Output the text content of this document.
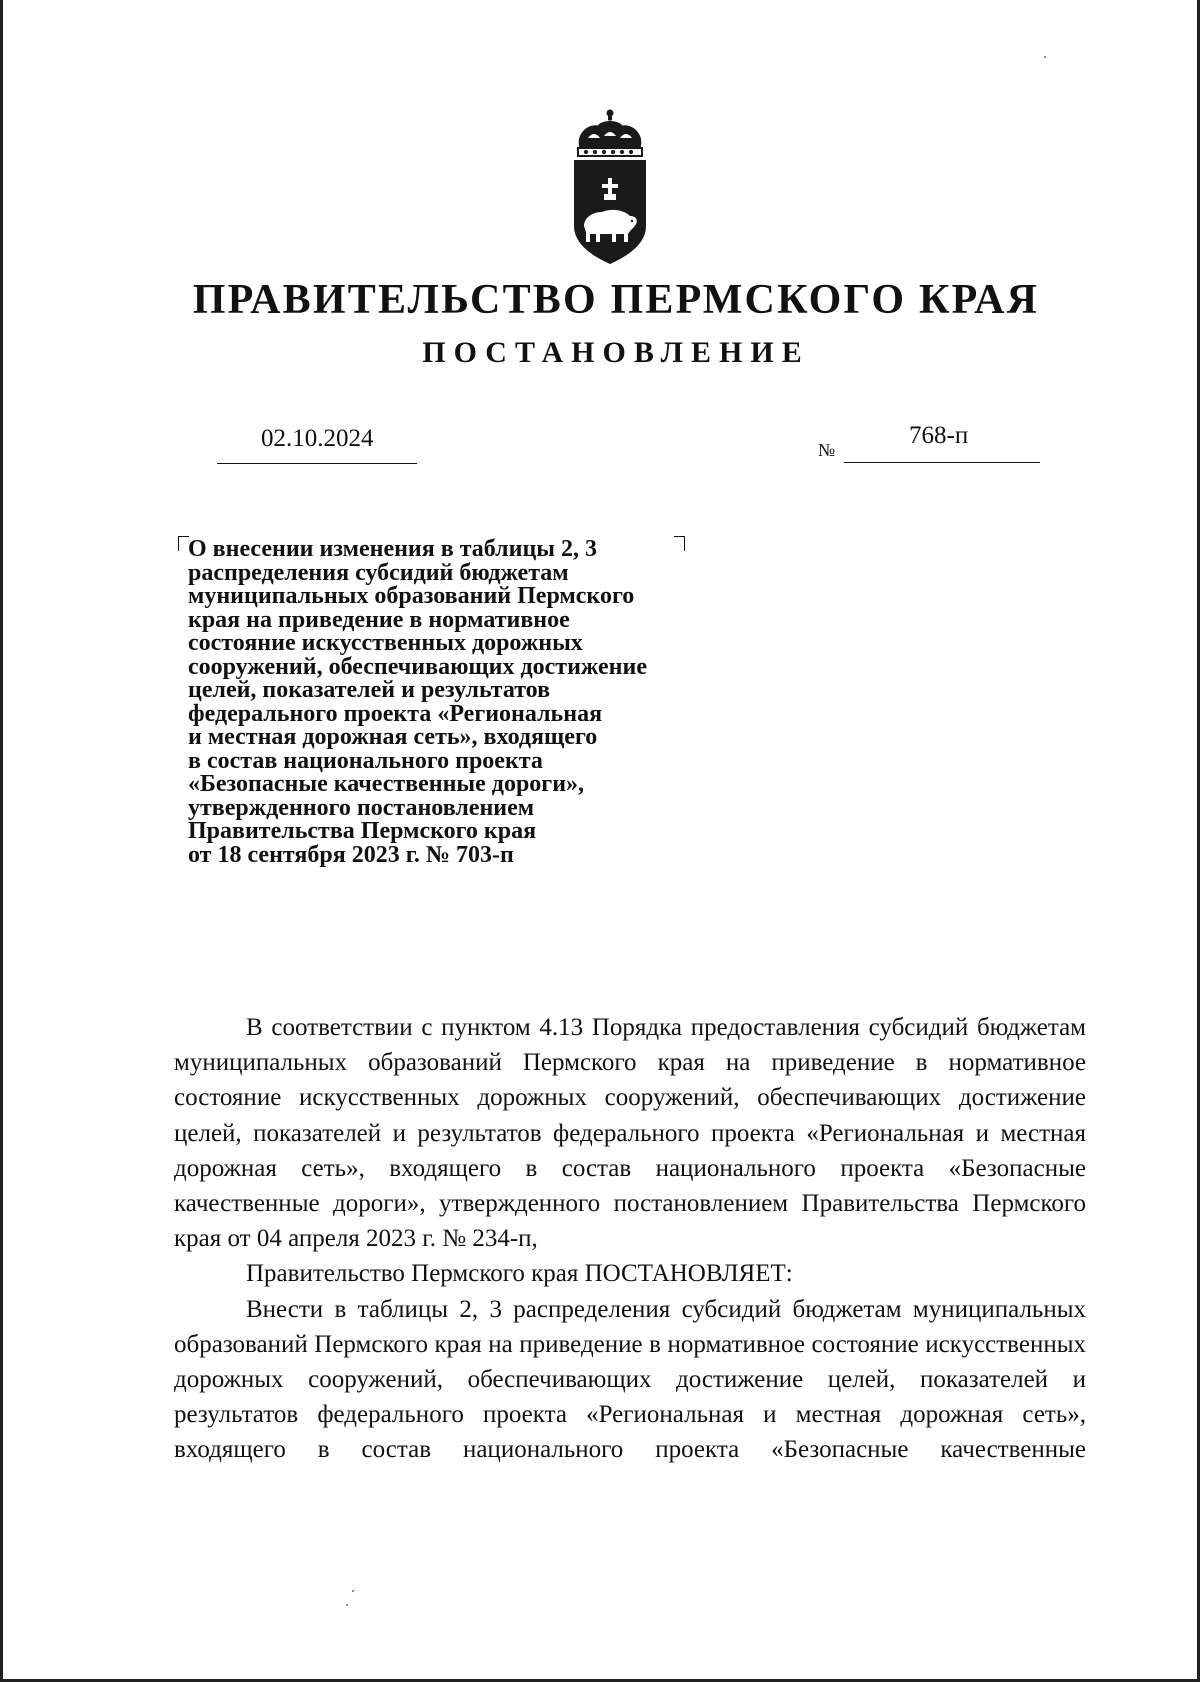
ПРАВИТЕЛЬСТВО ПЕРМСКОГО КРАЯ
ПОСТАНОВЛЕНИЕ
02.10.2024	№
768-п
О внесении изменения в таблицы 2, 3
распределения субсидий бюджетам
муниципальных образований Пермского
края на приведение в нормативное
состояние искусственных дорожных
сооружений, обеспечивающих достижение
целей, показателей и результатов
федерального проекта «Региональная
и местная дорожная сеть», входящего
в состав национального проекта
«Безопасные качественные дороги»,
утвержденного постановлением
Правительства Пермского края
от 18 сентября 2023 г. № 703-п

В соответствии с пунктом 4.13 Порядка предоставления субсидий бюджетам муниципальных образований Пермского края на приведение в нормативное состояние искусственных дорожных сооружений, обеспечивающих достижение целей, показателей и результатов федерального проекта «Региональная и местная дорожная сеть», входящего в состав национального проекта «Безопасные качественные дороги», утвержденного постановлением Правительства Пермского края от 04 апреля 2023 г. № 234-п,

Правительство Пермского края ПОСТАНОВЛЯЕТ:

Внести в таблицы 2, 3 распределения субсидий бюджетам муниципальных образований Пермского края на приведение в нормативное состояние искусственных дорожных сооружений, обеспечивающих достижение целей, показателей и результатов федерального проекта «Региональная и местная дорожная сеть», входящего в состав национального проекта «Безопасные качественные
